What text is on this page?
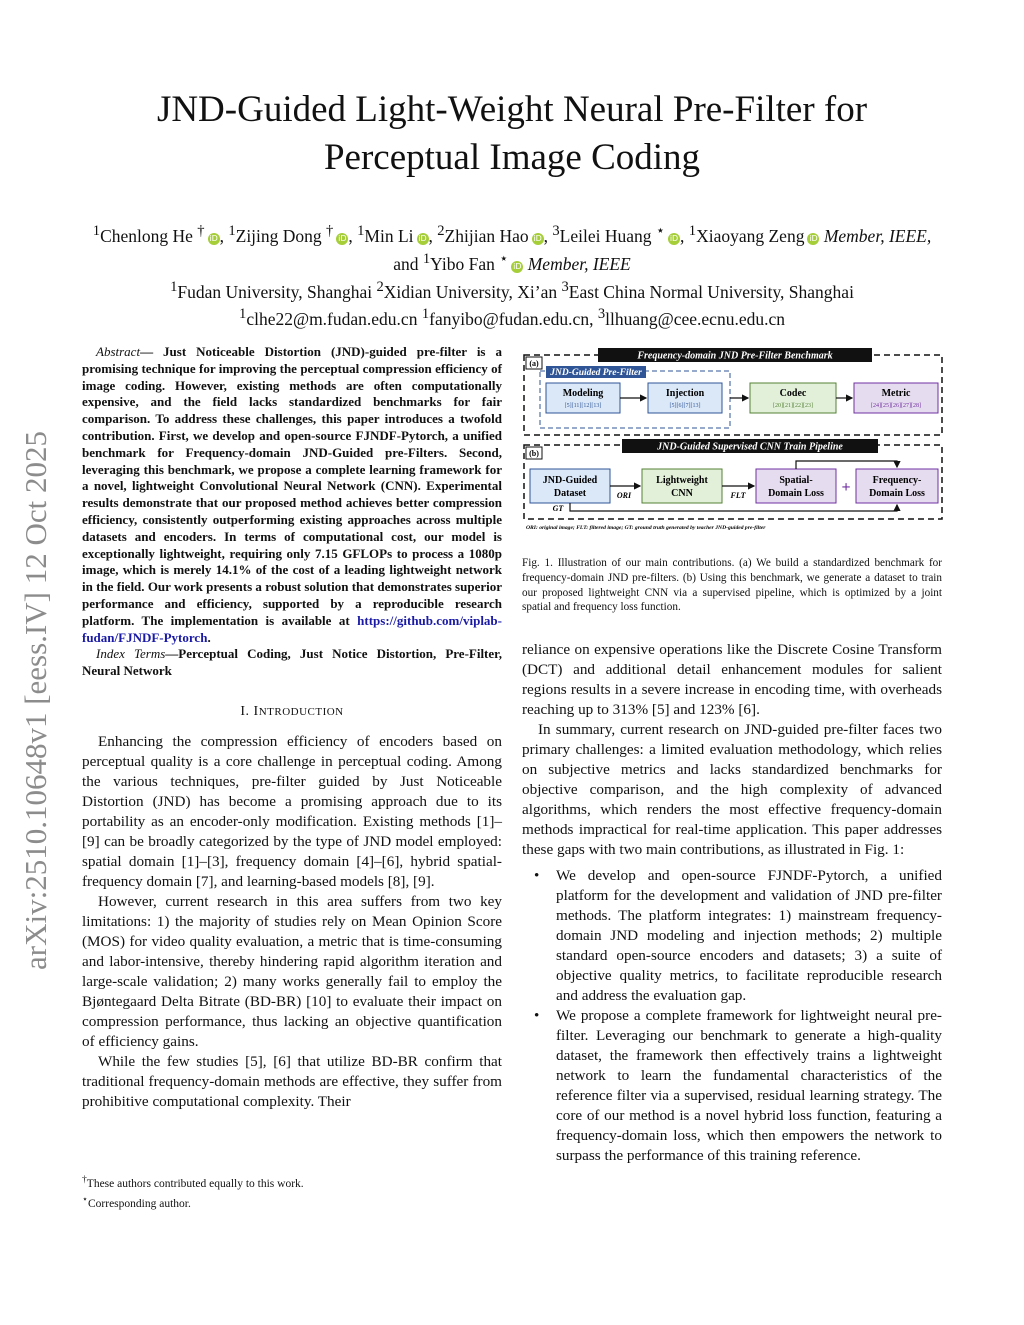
JND-Guided Light-Weight Neural Pre-Filter for Perceptual Image Coding
$^1$Chenlong He † iD , $^1$Zijing Dong † iD , $^1$Min Li iD , $^2$Zhijian Hao iD , $^3$Leilei Huang ⋆ iD , $^1$Xiaoyang Zeng iD Member, IEEE,
and $^1$Yibo Fan ⋆ iD Member, IEEE
$^1$Fudan University, Shanghai $^2$Xidian University, Xi’an $^3$East China Normal University, Shanghai
$^1$clhe22@m.fudan.edu.cn $^1$fanyibo@fudan.edu.cn, $^3$llhuang@cee.ecnu.edu.cn
arXiv:2510.10648v1 [eess.IV] 12 Oct 2025

Abstract— Just Noticeable Distortion (JND)-guided pre-filter is a promising technique for improving the perceptual compression efficiency of image coding. However, existing methods are often computationally expensive, and the field lacks standardized benchmarks for fair comparison. To address these challenges, this paper introduces a twofold contribution. First, we develop and open-source FJNDF-Pytorch, a unified benchmark for Frequency-domain JND-Guided pre-Filters. Second, leveraging this benchmark, we propose a complete learning framework for a novel, lightweight Convolutional Neural Network (CNN). Experimental results demonstrate that our proposed method achieves better compression efficiency, consistently outperforming existing approaches across multiple datasets and encoders. In terms of computational cost, our model is exceptionally lightweight, requiring only 7.15 GFLOPs to process a 1080p image, which is merely 14.1% of the cost of a leading lightweight network in the field. Our work presents a robust solution that demonstrates superior performance and efficiency, supported by a reproducible research platform. The implementation is available at https://github.com/viplab-fudan/FJNDF-Pytorch.

Index Terms—Perceptual Coding, Just Notice Distortion, Pre-Filter, Neural Network

I. INTRODUCTION

Enhancing the compression efficiency of encoders based on perceptual quality is a core challenge in perceptual coding. Among the various techniques, pre-filter guided by Just Noticeable Distortion (JND) has become a promising approach due to its portability as an encoder-only modification. Existing methods [1]–[9] can be broadly categorized by the type of JND model employed: spatial domain [1]–[3], frequency domain [4]–[6], hybrid spatial-frequency domain [7], and learning-based models [8], [9].

However, current research in this area suffers from two key limitations: 1) the majority of studies rely on Mean Opinion Score (MOS) for video quality evaluation, a metric that is time-consuming and labor-intensive, thereby hindering rapid algorithm iteration and large-scale validation; 2) many works generally fail to employ the Bjøntegaard Delta Bitrate (BD-BR) [10] to evaluate their impact on compression performance, thus lacking an objective quantification of efficiency gains.

While the few studies [5], [6] that utilize BD-BR confirm that traditional frequency-domain methods are effective, they suffer from prohibitive computational complexity. Their

†These authors contributed equally to this work.
⋆Corresponding author.
(a)
Frequency-domain JND Pre-Filter Benchmark
JND-Guided Pre-Filter
Modeling
[5][11][12][13]
Injection
[5][6][7][13]
Codec
[20][21][22][23]
Metric
[24][25][26][27][28]
(b)
JND-Guided Supervised CNN Train Pipeline
JND-Guided
Dataset	ORI
Lightweight
CNN	FLT
Spatial-
Domain Loss + Frequency-
Domain Loss
GT
ORI: original image; FLT: filtered image; GT: ground truth generated by teacher JND-guided pre-filter
Fig. 1. Illustration of our main contributions. (a) We build a standardized benchmark for frequency-domain JND pre-filters. (b) Using this benchmark, we generate a dataset to train our proposed lightweight CNN via a supervised pipeline, which is optimized by a joint spatial and frequency loss function.

reliance on expensive operations like the Discrete Cosine Transform (DCT) and additional detail enhancement modules for salient regions results in a severe increase in encoding time, with overheads reaching up to 313% [5] and 123% [6].

In summary, current research on JND-guided pre-filter faces two primary challenges: a limited evaluation methodology, which relies on subjective metrics and lacks standardized benchmarks for objective comparison, and the high complexity of advanced algorithms, which renders the most effective frequency-domain methods impractical for real-time application. This paper addresses these gaps with two main contributions, as illustrated in Fig. 1:

• We develop and open-source FJNDF-Pytorch, a unified platform for the development and validation of JND pre-filter methods. The platform integrates: 1) mainstream frequency-domain JND modeling and injection methods; 2) multiple standard open-source encoders and datasets; 3) a suite of objective quality metrics, to facilitate reproducible research and address the evaluation gap.
• We propose a complete framework for lightweight neural pre-filter. Leveraging our benchmark to generate a high-quality dataset, the framework then effectively trains a lightweight network to learn the fundamental characteristics of the reference filter via a supervised, residual learning strategy. The core of our method is a novel hybrid loss function, featuring a frequency-domain loss, which then empowers the network to surpass the performance of this training reference.
